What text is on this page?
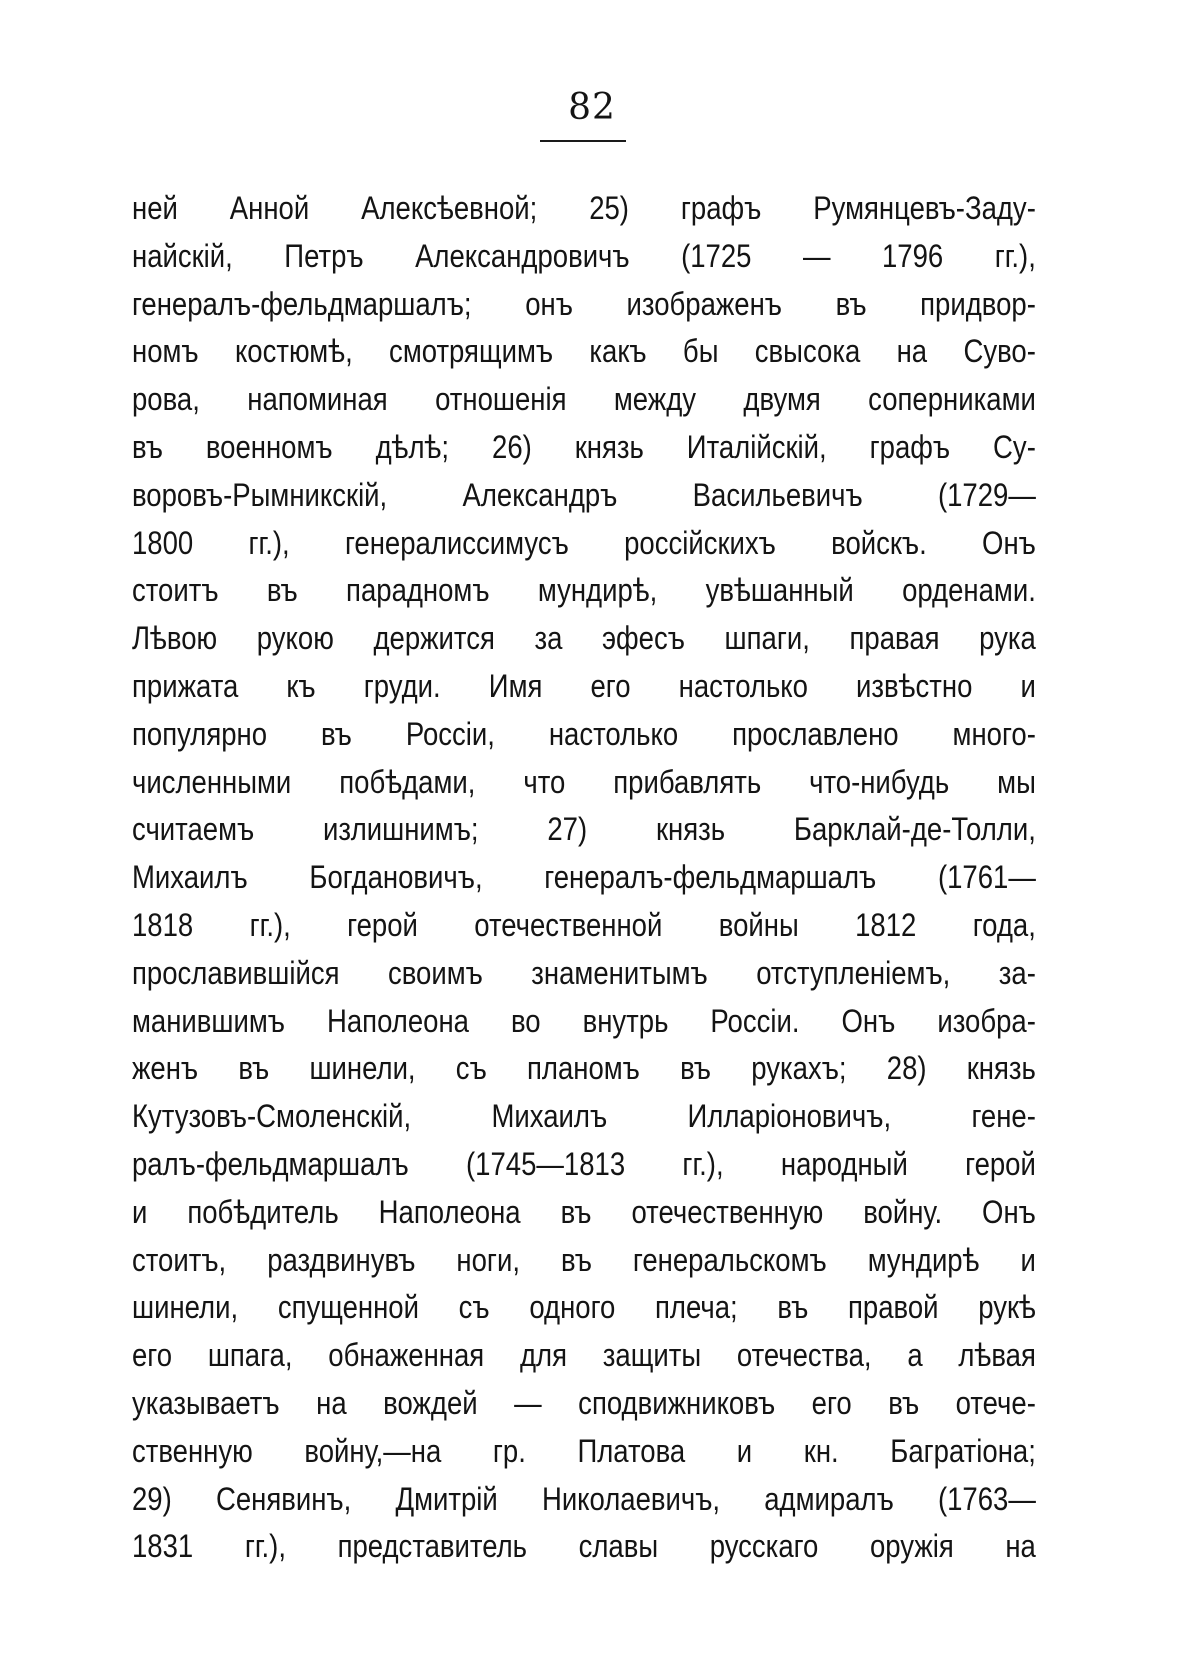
82
ней Анной Алексѣевной; 25) графъ Румянцевъ-Заду-
найскій, Петръ Александровичъ (1725 — 1796 гг.),
генералъ-фельдмаршалъ; онъ изображенъ въ придвор-
номъ костюмѣ, смотрящимъ какъ бы свысока на Суво-
рова, напоминая отношенія между двумя соперниками
въ военномъ дѣлѣ; 26) князь Италійскій, графъ Су-
воровъ-Рымникскій, Александръ Васильевичъ (1729—
1800 гг.), генералиссимусъ россійскихъ войскъ. Онъ
стоитъ въ парадномъ мундирѣ, увѣшанный орденами.
Лѣвою рукою держится за эфесъ шпаги, правая рука
прижата къ груди. Имя его настолько извѣстно и
популярно въ Россіи, настолько прославлено много-
численными побѣдами, что прибавлять что-нибудь мы
считаемъ излишнимъ; 27) князь Барклай-де-Толли,
Михаилъ Богдановичъ, генералъ-фельдмаршалъ (1761—
1818 гг.), герой отечественной войны 1812 года,
прославившійся своимъ знаменитымъ отступленіемъ, за-
манившимъ Наполеона во внутрь Россіи. Онъ изобра-
женъ въ шинели, съ планомъ въ рукахъ; 28) князь
Кутузовъ-Смоленскій, Михаилъ Илларіоновичъ, гене-
ралъ-фельдмаршалъ (1745—1813 гг.), народный герой
и побѣдитель Наполеона въ отечественную войну. Онъ
стоитъ, раздвинувъ ноги, въ генеральскомъ мундирѣ и
шинели, спущенной съ одного плеча; въ правой рукѣ
его шпага, обнаженная для защиты отечества, а лѣвая
указываетъ на вождей — сподвижниковъ его въ отече-
ственную войну,—на гр. Платова и кн. Багратіона;
29) Сенявинъ, Дмитрій Николаевичъ, адмиралъ (1763—
1831 гг.), представитель славы русскаго оружія на
